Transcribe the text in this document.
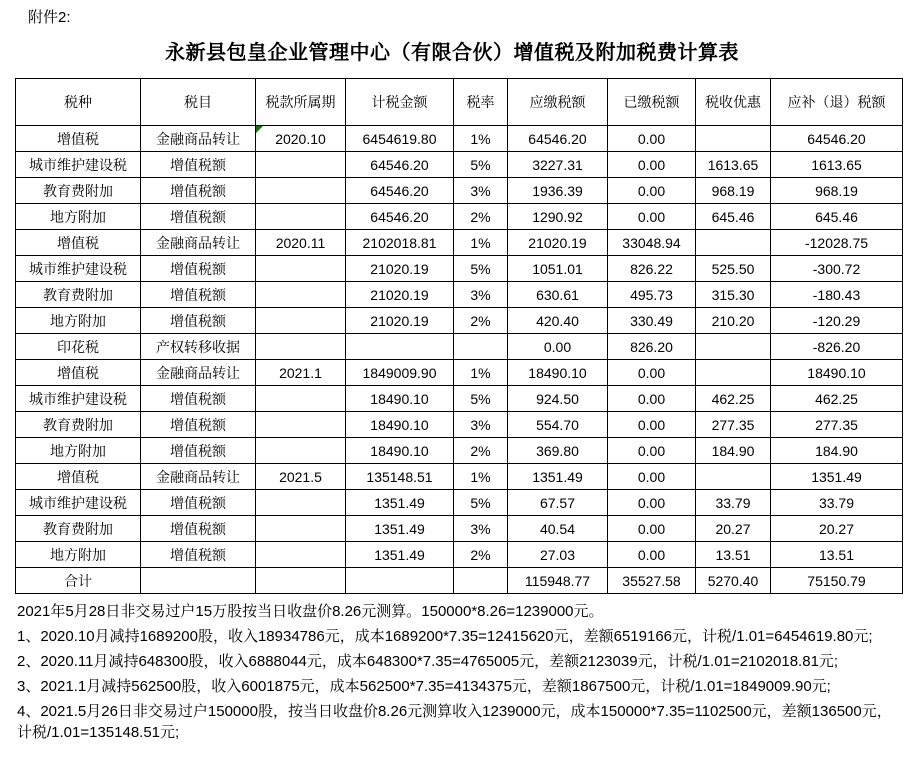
附件2:
永新县包皇企业管理中心（有限合伙）增值税及附加税费计算表
税种	税目	税款所属期	计税金额	税率	应缴税额	已缴税额	税收优惠	应补（退）税额
增值税	金融商品转让	2020.10	6454619.80	1%	64546.20	0.00		64546.20
城市维护建设税	增值税额		64546.20	5%	3227.31	0.00	1613.65	1613.65
教育费附加	增值税额		64546.20	3%	1936.39	0.00	968.19	968.19
地方附加	增值税额		64546.20	2%	1290.92	0.00	645.46	645.46
增值税	金融商品转让	2020.11	2102018.81	1%	21020.19	33048.94		-12028.75
城市维护建设税	增值税额		21020.19	5%	1051.01	826.22	525.50	-300.72
教育费附加	增值税额		21020.19	3%	630.61	495.73	315.30	-180.43
地方附加	增值税额		21020.19	2%	420.40	330.49	210.20	-120.29
印花税	产权转移收据				0.00	826.20		-826.20
增值税	金融商品转让	2021.1	1849009.90	1%	18490.10	0.00		18490.10
城市维护建设税	增值税额		18490.10	5%	924.50	0.00	462.25	462.25
教育费附加	增值税额		18490.10	3%	554.70	0.00	277.35	277.35
地方附加	增值税额		18490.10	2%	369.80	0.00	184.90	184.90
增值税	金融商品转让	2021.5	135148.51	1%	1351.49	0.00		1351.49
城市维护建设税	增值税额		1351.49	5%	67.57	0.00	33.79	33.79
教育费附加	增值税额		1351.49	3%	40.54	0.00	20.27	20.27
地方附加	增值税额		1351.49	2%	27.03	0.00	13.51	13.51
合计					115948.77	35527.58	5270.40	75150.79

2021年5月28日非交易过户15万股按当日收盘价8.26元测算。150000*8.26=1239000元。

1、2020.10月减持1689200股，收入18934786元，成本1689200*7.35=12415620元，差额6519166元，计税/1.01=6454619.80元;

2、2020.11月减持648300股，收入6888044元，成本648300*7.35=4765005元，差额2123039元，计税/1.01=2102018.81元;

3、2021.1月减持562500股，收入6001875元，成本562500*7.35=4134375元，差额1867500元，计税/1.01=1849009.90元;

4、2021.5月26日非交易过户150000股，按当日收盘价8.26元测算收入1239000元，成本150000*7.35=1102500元，差额136500元，计税/1.01=135148.51元;
